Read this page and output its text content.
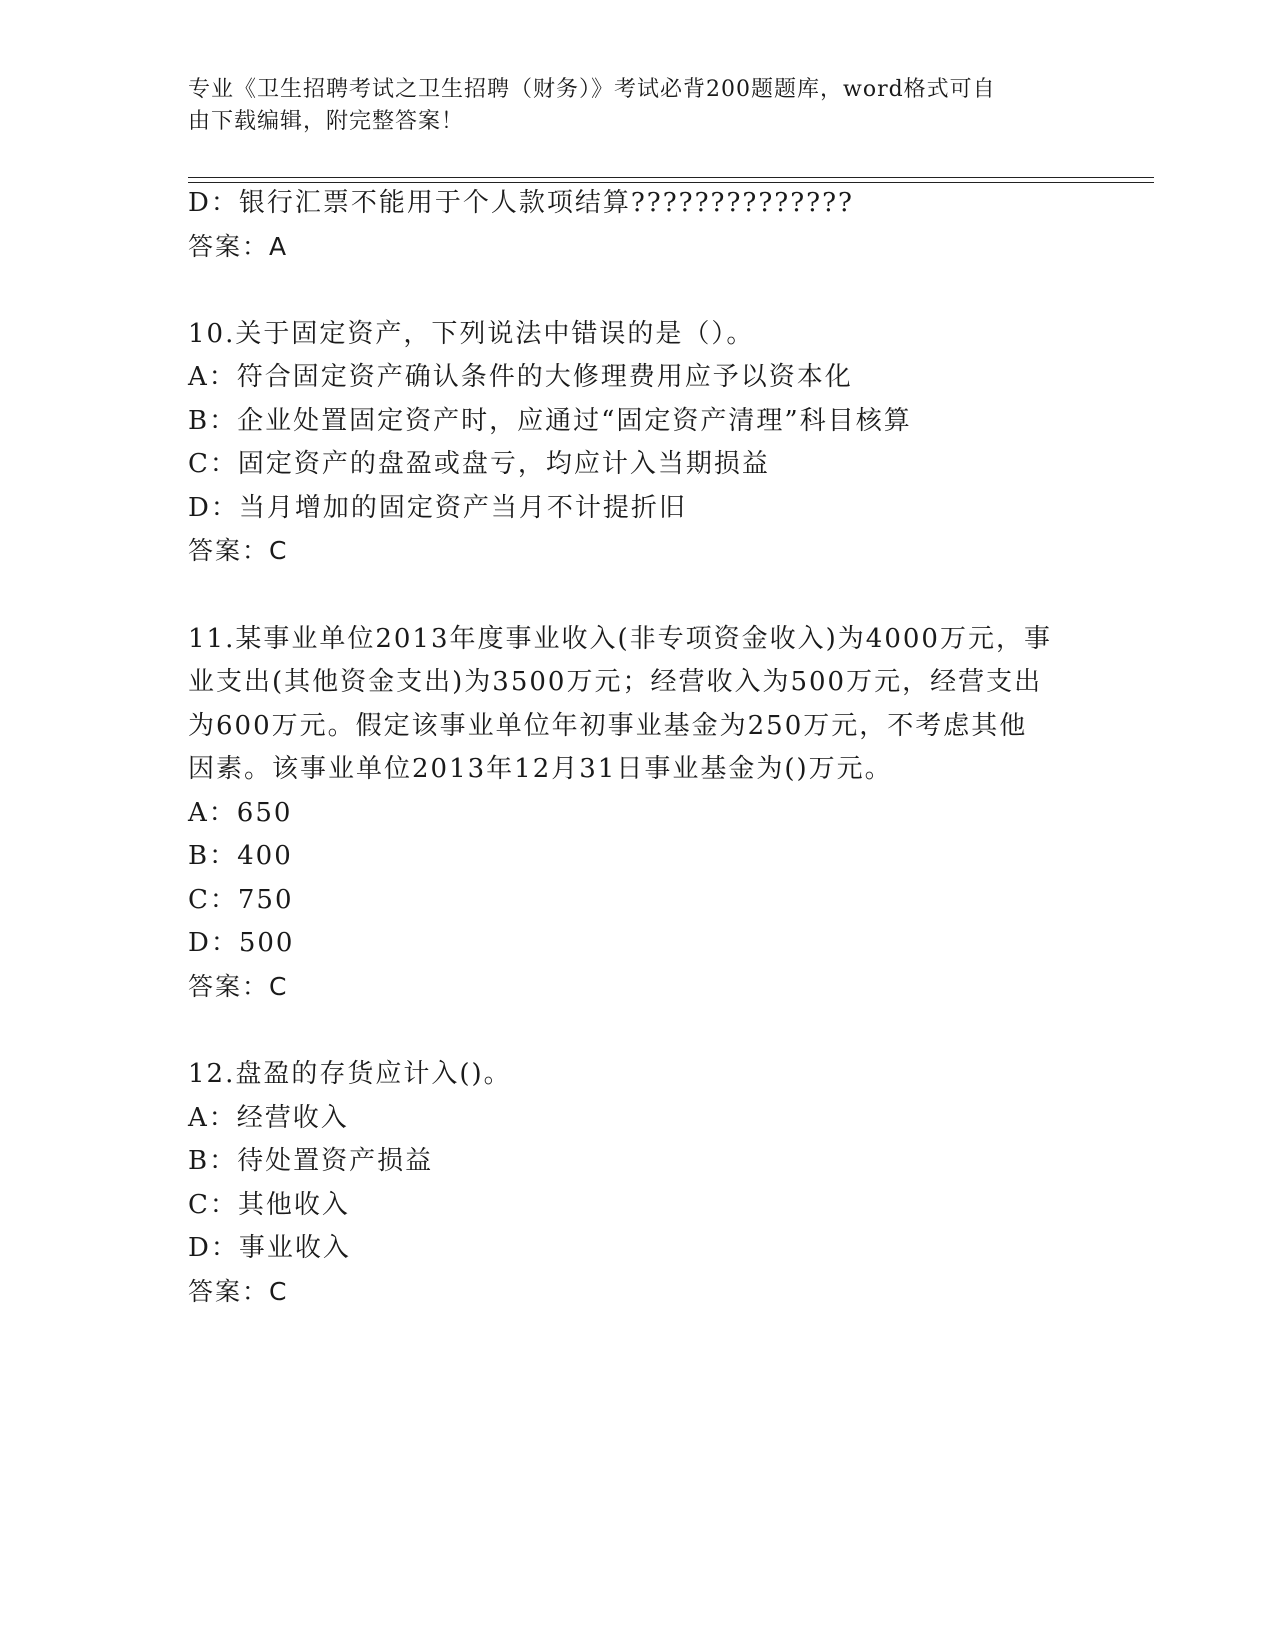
专业《卫生招聘考试之卫生招聘（财务）》考试必背200题题库，word格式可自
由下载编辑，附完整答案！
D：银行汇票不能用于个人款项结算??????????????
答案：A
10.关于固定资产，下列说法中错误的是（）。
A：符合固定资产确认条件的大修理费用应予以资本化
B：企业处置固定资产时，应通过“固定资产清理”科目核算
C：固定资产的盘盈或盘亏，均应计入当期损益
D：当月增加的固定资产当月不计提折旧
答案：C
11.某事业单位2013年度事业收入(非专项资金收入)为4000万元，事
业支出(其他资金支出)为3500万元；经营收入为500万元，经营支出
为600万元。假定该事业单位年初事业基金为250万元，不考虑其他
因素。该事业单位2013年12月31日事业基金为()万元。
A：650
B：400
C：750
D：500
答案：C
12.盘盈的存货应计入()。
A：经营收入
B：待处置资产损益
C：其他收入
D：事业收入
答案：C
